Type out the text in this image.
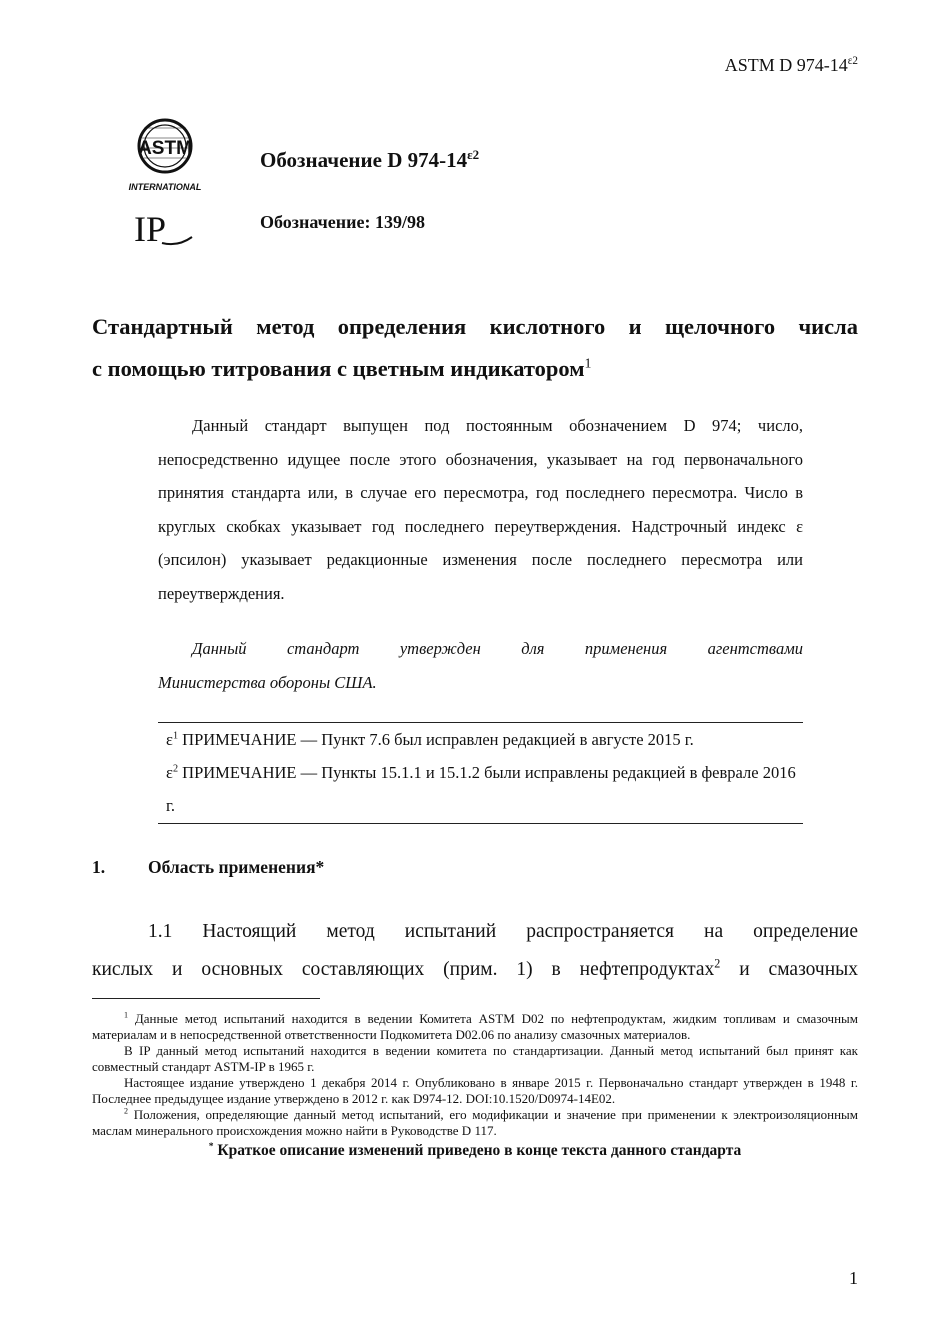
ASTM D $974-14^{\varepsilon 2}$
ASTM
INTERNATIONAL
IP
Обозначение D $974-14^{\varepsilon 2}$
Обозначение: 139/98
Стандартный метод определения кислотного и щелочного числа
с помощью титрования с цветным индикатором$^1$
Данный стандарт выпущен под постоянным обозначением D 974; число, непосредственно идущее после этого обозначения, указывает на год первоначального принятия стандарта или, в случае его пересмотра, год последнего пересмотра. Число в круглых скобках указывает год последнего переутверждения. Надстрочный индекс ε (эпсилон) указывает редакционные изменения после последнего пересмотра или переутверждения.
Данный стандарт утвержден для применения агентствами
Министерства обороны США.
$\varepsilon^1$ ПРИМЕЧАНИЕ — Пункт 7.6 был исправлен редакцией в августе 2015 г.
$\varepsilon^2$ ПРИМЕЧАНИЕ — Пункты 15.1.1 и 15.1.2 были исправлены редакцией в феврале 2016 г.
1. Область применения*
1.1 Настоящий метод испытаний распространяется на определение
кислых и основных составляющих (прим. 1) в нефтепродуктах$^2$ и смазочных

$^1$ Данные метод испытаний находится в ведении Комитета ASTM D02 по нефтепродуктам, жидким топливам и смазочным материалам и в непосредственной ответственности Подкомитета D02.06 по анализу смазочных материалов.

В IP данный метод испытаний находится в ведении комитета по стандартизации. Данный метод испытаний был принят как совместный стандарт ASTM-IP в 1965 г.

Настоящее издание утверждено 1 декабря 2014 г. Опубликовано в январе 2015 г. Первоначально стандарт утвержден в 1948 г. Последнее предыдущее издание утверждено в 2012 г. как D974-12. DOI:10.1520/D0974-14E02.

$^2$ Положения, определяющие данный метод испытаний, его модификации и значение при применении к электроизоляционным маслам минерального происхождения можно найти в Руководстве D 117.

* Краткое описание изменений приведено в конце текста данного стандарта

1
